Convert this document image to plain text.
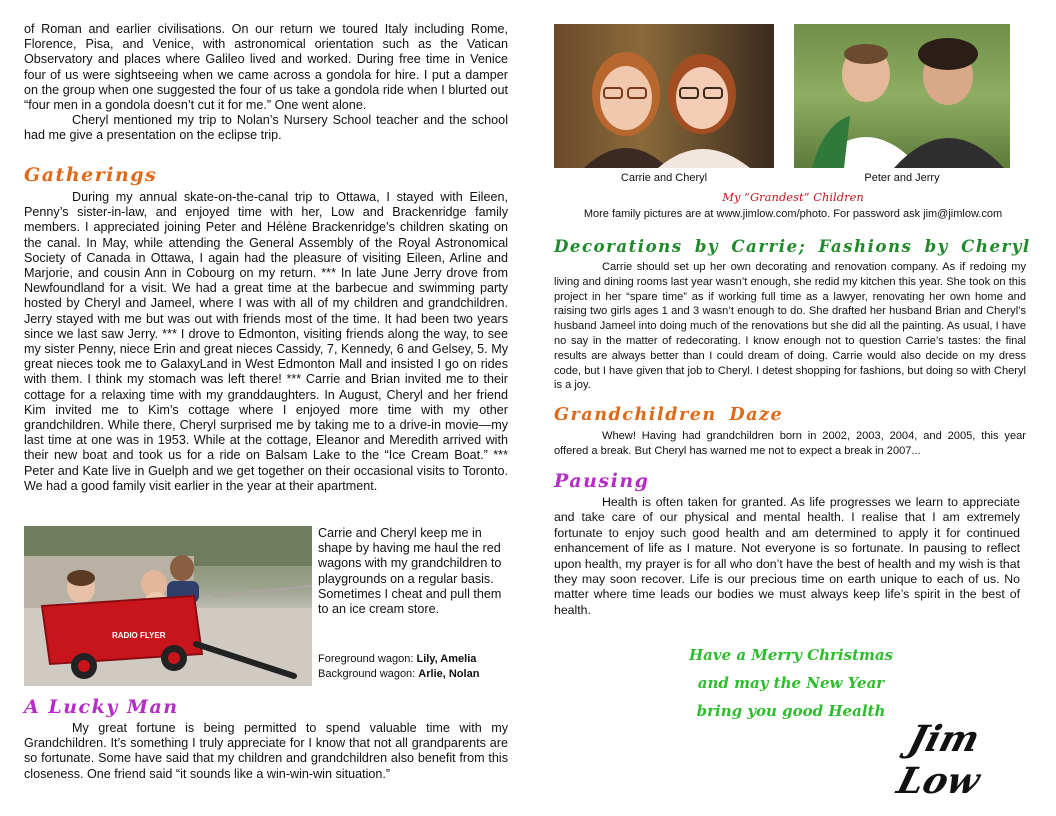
of Roman and earlier civilisations. On our return we toured Italy including Rome, Florence, Pisa, and Venice, with astronomical orientation such as the Vatican Observatory and places where Galileo lived and worked. During free time in Venice four of us were sightseeing when we came across a gondola for hire. I put a damper on the group when one suggested the four of us take a gondola ride when I blurted out “four men in a gondola doesn’t cut it for me.” One went alone.

Cheryl mentioned my trip to Nolan’s Nursery School teacher and the school had me give a presentation on the eclipse trip.

Gatherings

During my annual skate-on-the-canal trip to Ottawa, I stayed with Eileen, Penny’s sister-in-law, and enjoyed time with her, Low and Brackenridge family members. I appreciated joining Peter and Hélène Brackenridge’s children skating on the canal. In May, while attending the General Assembly of the Royal Astronomical Society of Canada in Ottawa, I again had the pleasure of visiting Eileen, Arline and Marjorie, and cousin Ann in Cobourg on my return. *** In late June Jerry drove from Newfoundland for a visit. We had a great time at the barbecue and swimming party hosted by Cheryl and Jameel, where I was with all of my children and grandchildren. Jerry stayed with me but was out with friends most of the time. It had been two years since we last saw Jerry. *** I drove to Edmonton, visiting friends along the way, to see my sister Penny, niece Erin and great nieces Cassidy, 7, Kennedy, 6 and Gelsey, 5. My great nieces took me to GalaxyLand in West Edmonton Mall and insisted I go on rides with them. I think my stomach was left there! *** Carrie and Brian invited me to their cottage for a relaxing time with my granddaughters. In August, Cheryl and her friend Kim invited me to Kim’s cottage where I enjoyed more time with my other grandchildren. While there, Cheryl surprised me by taking me to a drive-in movie—my last time at one was in 1953. While at the cottage, Eleanor and Meredith arrived with their new boat and took us for a ride on Balsam Lake to the “Ice Cream Boat.” *** Peter and Kate live in Guelph and we get together on their occasional visits to Toronto. We had a good family visit earlier in the year at their apartment.

RADIO FLYER

Carrie and Cheryl keep me in shape by having me haul the red wagons with my grandchildren to playgrounds on a regular basis. Sometimes I cheat and pull them to an ice cream store.

Foreground wagon: Lily, Amelia
Background wagon: Arlie, Nolan
A Lucky Man

My great fortune is being permitted to spend valuable time with my Grandchildren. It’s something I truly appreciate for I know that not all grandparents are so fortunate. Some have said that my children and grandchildren also benefit from this closeness. One friend said “it sounds like a win-win-win situation.”

Carrie and Cheryl	Peter and Jerry
My “Grandest” Children
More family pictures are at www.jimlow.com/photo. For password ask jim@jimlow.com
Decorations by Carrie; Fashions by Cheryl

Carrie should set up her own decorating and renovation company. As if redoing my living and dining rooms last year wasn’t enough, she redid my kitchen this year. She took on this project in her “spare time” as if working full time as a lawyer, renovating her own home and raising two girls ages 1 and 3 wasn’t enough to do. She drafted her husband Brian and Cheryl’s husband Jameel into doing much of the renovations but she did all the painting. As usual, I have no say in the matter of redecorating. I know enough not to question Carrie’s tastes: the final results are always better than I could dream of doing. Carrie would also decide on my dress code, but I have given that job to Cheryl. I detest shopping for fashions, but doing so with Cheryl is a joy.

Grandchildren Daze

Whew! Having had grandchildren born in 2002, 2003, 2004, and 2005, this year offered a break. But Cheryl has warned me not to expect a break in 2007...

Pausing

Health is often taken for granted. As life progresses we learn to appreciate and take care of our physical and mental health. I realise that I am extremely fortunate to enjoy such good health and am determined to apply it for continued enhancement of life as I mature. Not everyone is so fortunate. In pausing to reflect upon health, my prayer is for all who don’t have the best of health and my wish is that they may soon recover. Life is our precious time on earth unique to each of us. No matter where time leads our bodies we must always keep life’s spirit in the best of health.

Have a Merry Christmas
and may the New Year
bring you good Health
Jim Low
